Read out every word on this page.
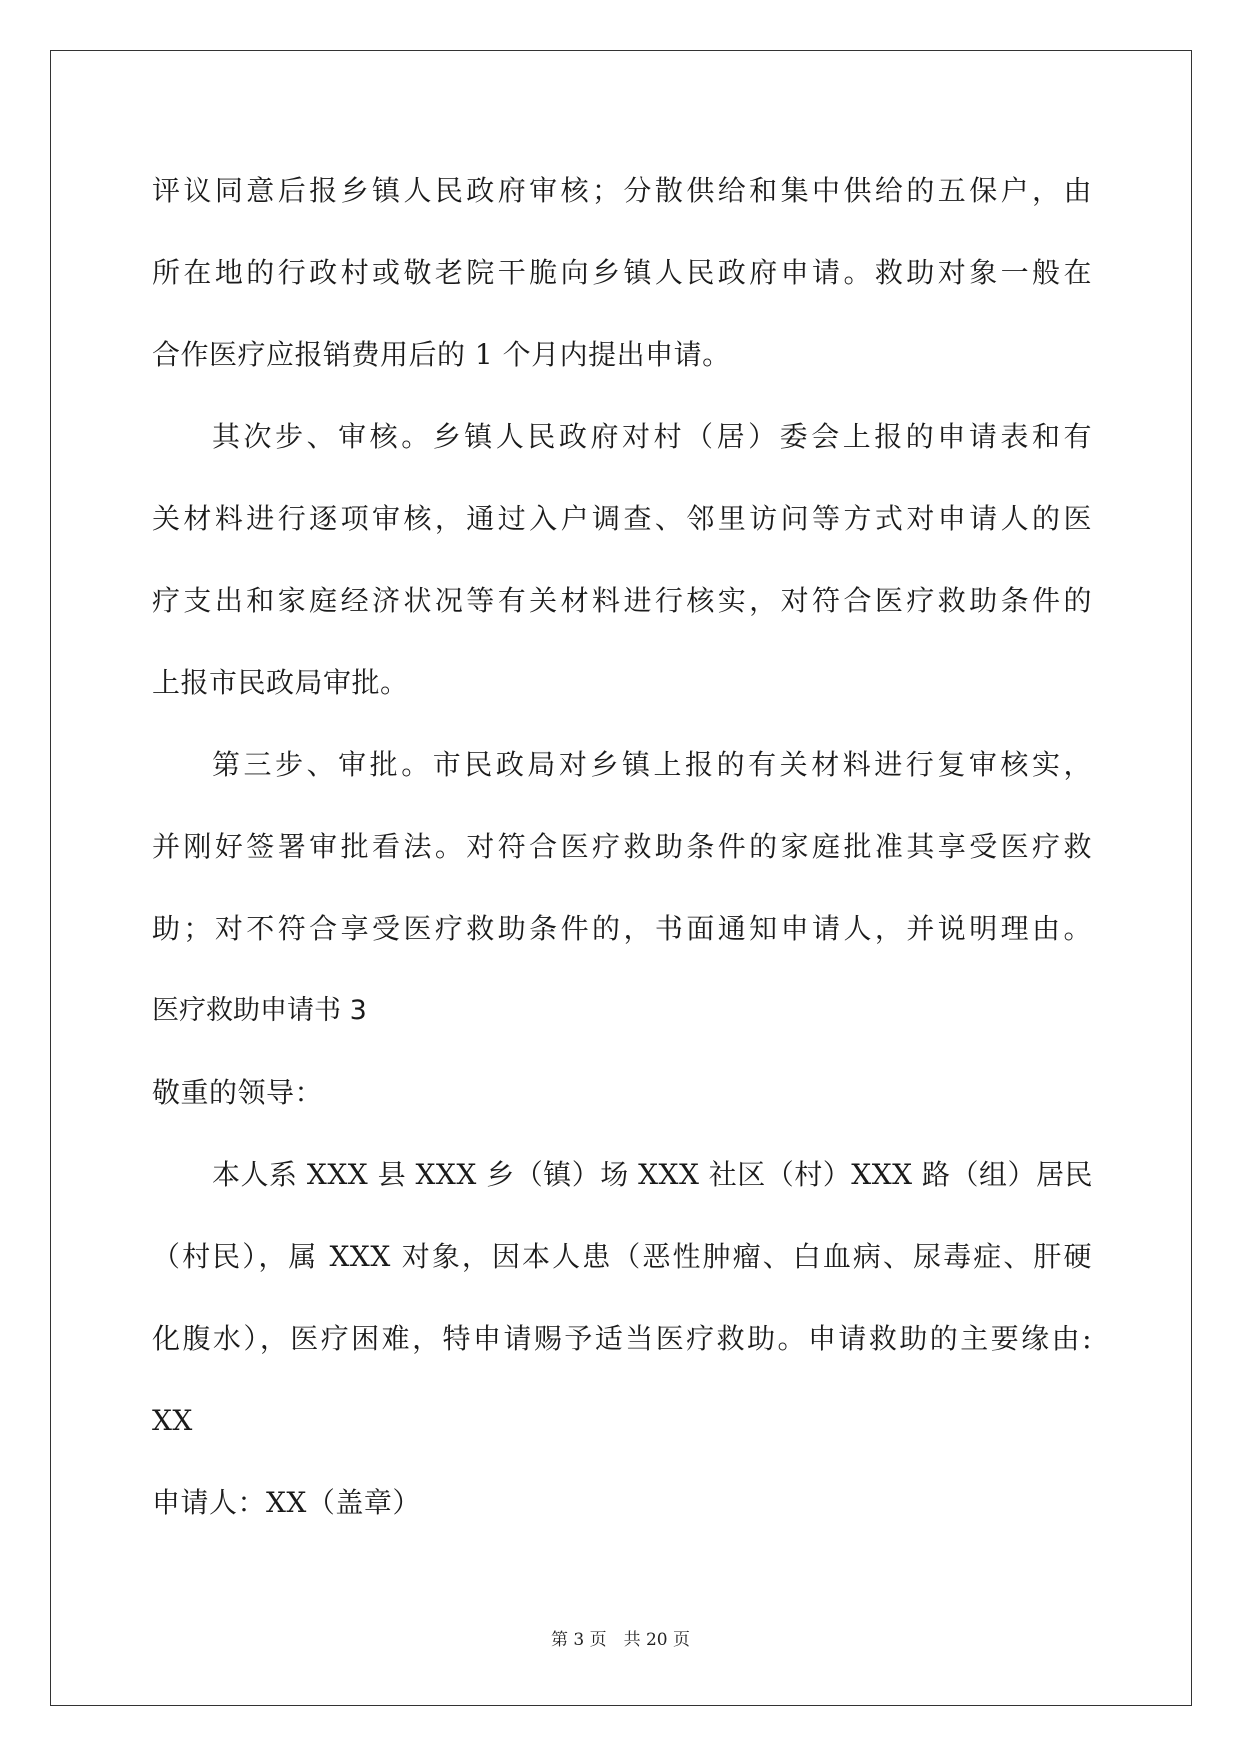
评议同意后报乡镇人民政府审核；分散供给和集中供给的五保户，由
所在地的行政村或敬老院干脆向乡镇人民政府申请。救助对象一般在
合作医疗应报销费用后的 1 个月内提出申请。
其次步、审核。乡镇人民政府对村（居）委会上报的申请表和有
关材料进行逐项审核，通过入户调查、邻里访问等方式对申请人的医
疗支出和家庭经济状况等有关材料进行核实，对符合医疗救助条件的
上报市民政局审批。
第三步、审批。市民政局对乡镇上报的有关材料进行复审核实，
并刚好签署审批看法。对符合医疗救助条件的家庭批准其享受医疗救
助；对不符合享受医疗救助条件的，书面通知申请人，并说明理由。
医疗救助申请书 3
敬重的领导：
本人系 XXX 县 XXX 乡（镇）场 XXX 社区（村）XXX 路（组）居民
（村民），属 XXX 对象，因本人患（恶性肿瘤、白血病、尿毒症、肝硬
化腹水），医疗困难，特申请赐予适当医疗救助。申请救助的主要缘由:
XX
申请人：XX（盖章）
第 3 页　共 20 页
